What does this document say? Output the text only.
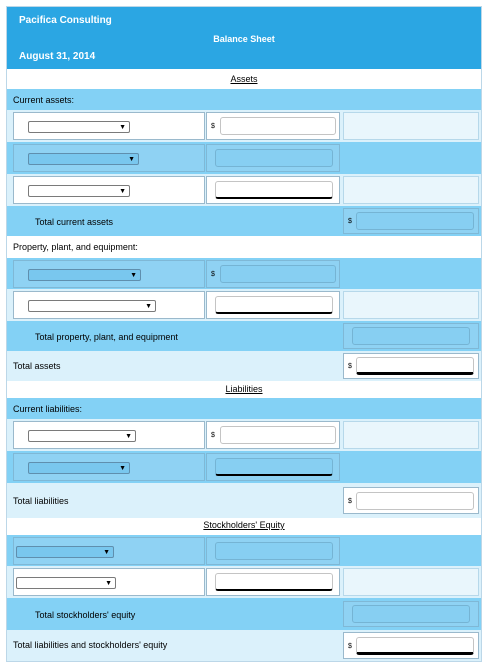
Pacifica Consulting
Balance Sheet
August 31, 2014
Assets
Current assets:
▼	$
▼
▼
Total current assets	$
Property, plant, and equipment:
▼	$
▼
Total property, plant, and equipment
Total assets	$
Liabilities
Current liabilities:
▼	$
▼
Total liabilities	$
Stockholders' Equity
▼
▼
Total stockholders' equity
Total liabilities and stockholders' equity	$
